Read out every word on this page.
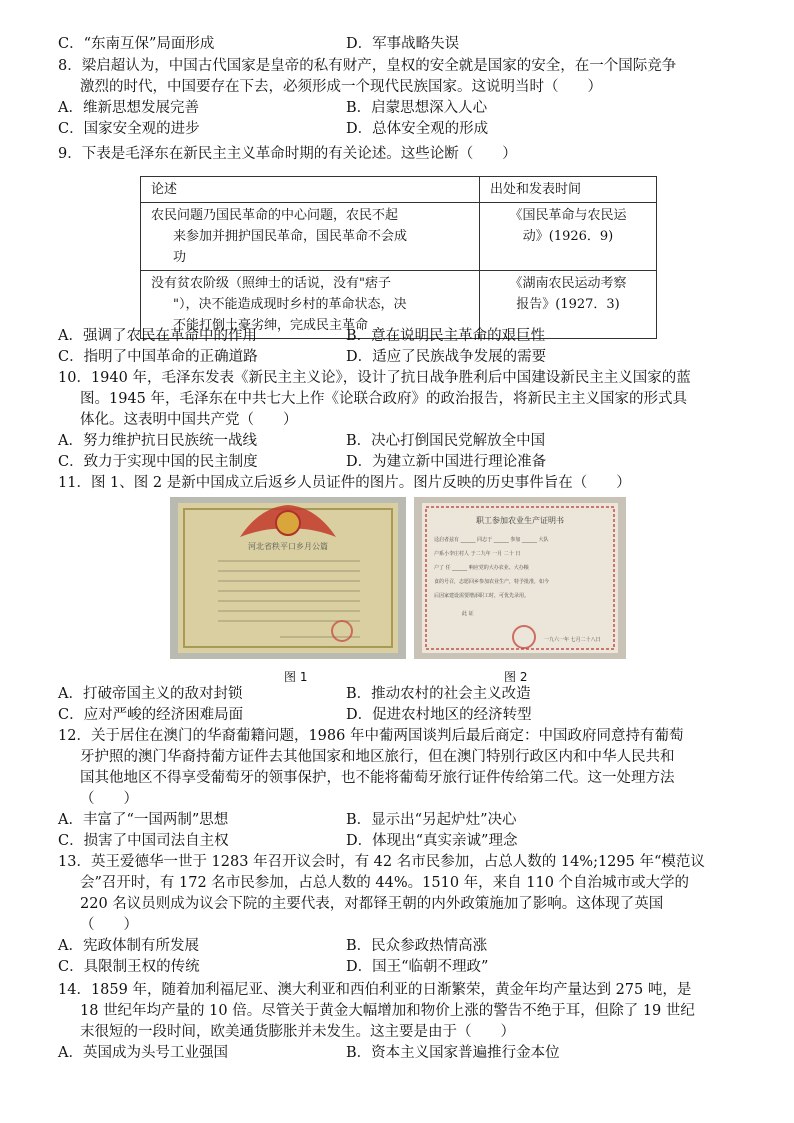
C．“东南互保”局面形成	D．军事战略失误
8．梁启超认为，中国古代国家是皇帝的私有财产，皇权的安全就是国家的安全，在一个国际竞争
激烈的时代，中国要存在下去，必须形成一个现代民族国家。这说明当时（　　）
A．维新思想发展完善	B．启蒙思想深入人心
C．国家安全观的进步	D．总体安全观的形成
9．下表是毛泽东在新民主主义革命时期的有关论述。这些论断（　　）
论述	出处和发表时间

农民问题乃国民革命的中心问题，农民不起
来参加并拥护国民革命，国民革命不会成
功	《国民革命与农民运
动》(1926．9)

没有贫农阶级（照绅士的话说，没有"痞子
"），决不能造成现时乡村的革命状态，决
不能打倒土豪劣绅，完成民主革命	《湖南农民运动考察
报告》(1927．3)
A．强调了农民在革命中的作用	B．意在说明民主革命的艰巨性
C．指明了中国革命的正确道路	D．适应了民族战争发展的需要
10．1940 年，毛泽东发表《新民主主义论》，设计了抗日战争胜利后中国建设新民主主义国家的蓝
图。1945 年，毛泽东在中共七大上作《论联合政府》的政治报告，将新民主主义国家的形式具
体化。这表明中国共产党（　　）
A．努力维护抗日民族统一战线	B．决心打倒国民党解放全中国
C．致力于实现中国的民主制度	D．为建立新中国进行理论准备
11．图 1、图 2 是新中国成立后返乡人员证件的图片。图片反映的历史事件旨在（　　）
河北省秩平口乡月公篇
图 1
职工参加农业生产证明书
迳启者兹有 ______ 同志于 ______ 参加 ______ 大队
户系小李庄村人 于二九年 一月 二十 日
户了 任 ______ 响应党的大办农业、大办粮
食的号召，志愿回乡参加农业生产，特予批准，如今
后因家建设需要增添职工时，可优先录用。
此 证
一九六一年 七月二十八日
图 2
A．打破帝国主义的敌对封锁	B．推动农村的社会主义改造
C．应对严峻的经济困难局面	D．促进农村地区的经济转型
12．关于居住在澳门的华裔葡籍问题，1986 年中葡两国谈判后最后商定：中国政府同意持有葡萄
牙护照的澳门华裔持葡方证件去其他国家和地区旅行，但在澳门特别行政区内和中华人民共和
国其他地区不得享受葡萄牙的领事保护，也不能将葡萄牙旅行证件传给第二代。这一处理方法
（　　）
A．丰富了“一国两制”思想	B．显示出“另起炉灶”决心
C．损害了中国司法自主权	D．体现出“真实亲诚”理念
13．英王爱德华一世于 1283 年召开议会时，有 42 名市民参加，占总人数的 14%;1295 年“模范议
会”召开时，有 172 名市民参加，占总人数的 44%。1510 年，来自 110 个自治城市或大学的
220 名议员则成为议会下院的主要代表，对都铎王朝的内外政策施加了影响。这体现了英国
（　　）
A．宪政体制有所发展	B．民众参政热情高涨
C．具限制王权的传统	D．国王“临朝不理政”
14．1859 年，随着加利福尼亚、澳大利亚和西伯利亚的日渐繁荣，黄金年均产量达到 275 吨，是
18 世纪年均产量的 10 倍。尽管关于黄金大幅增加和物价上涨的警告不绝于耳，但除了 19 世纪
末很短的一段时间，欧美通货膨胀并未发生。这主要是由于（　　）
A．英国成为头号工业强国	B．资本主义国家普遍推行金本位
